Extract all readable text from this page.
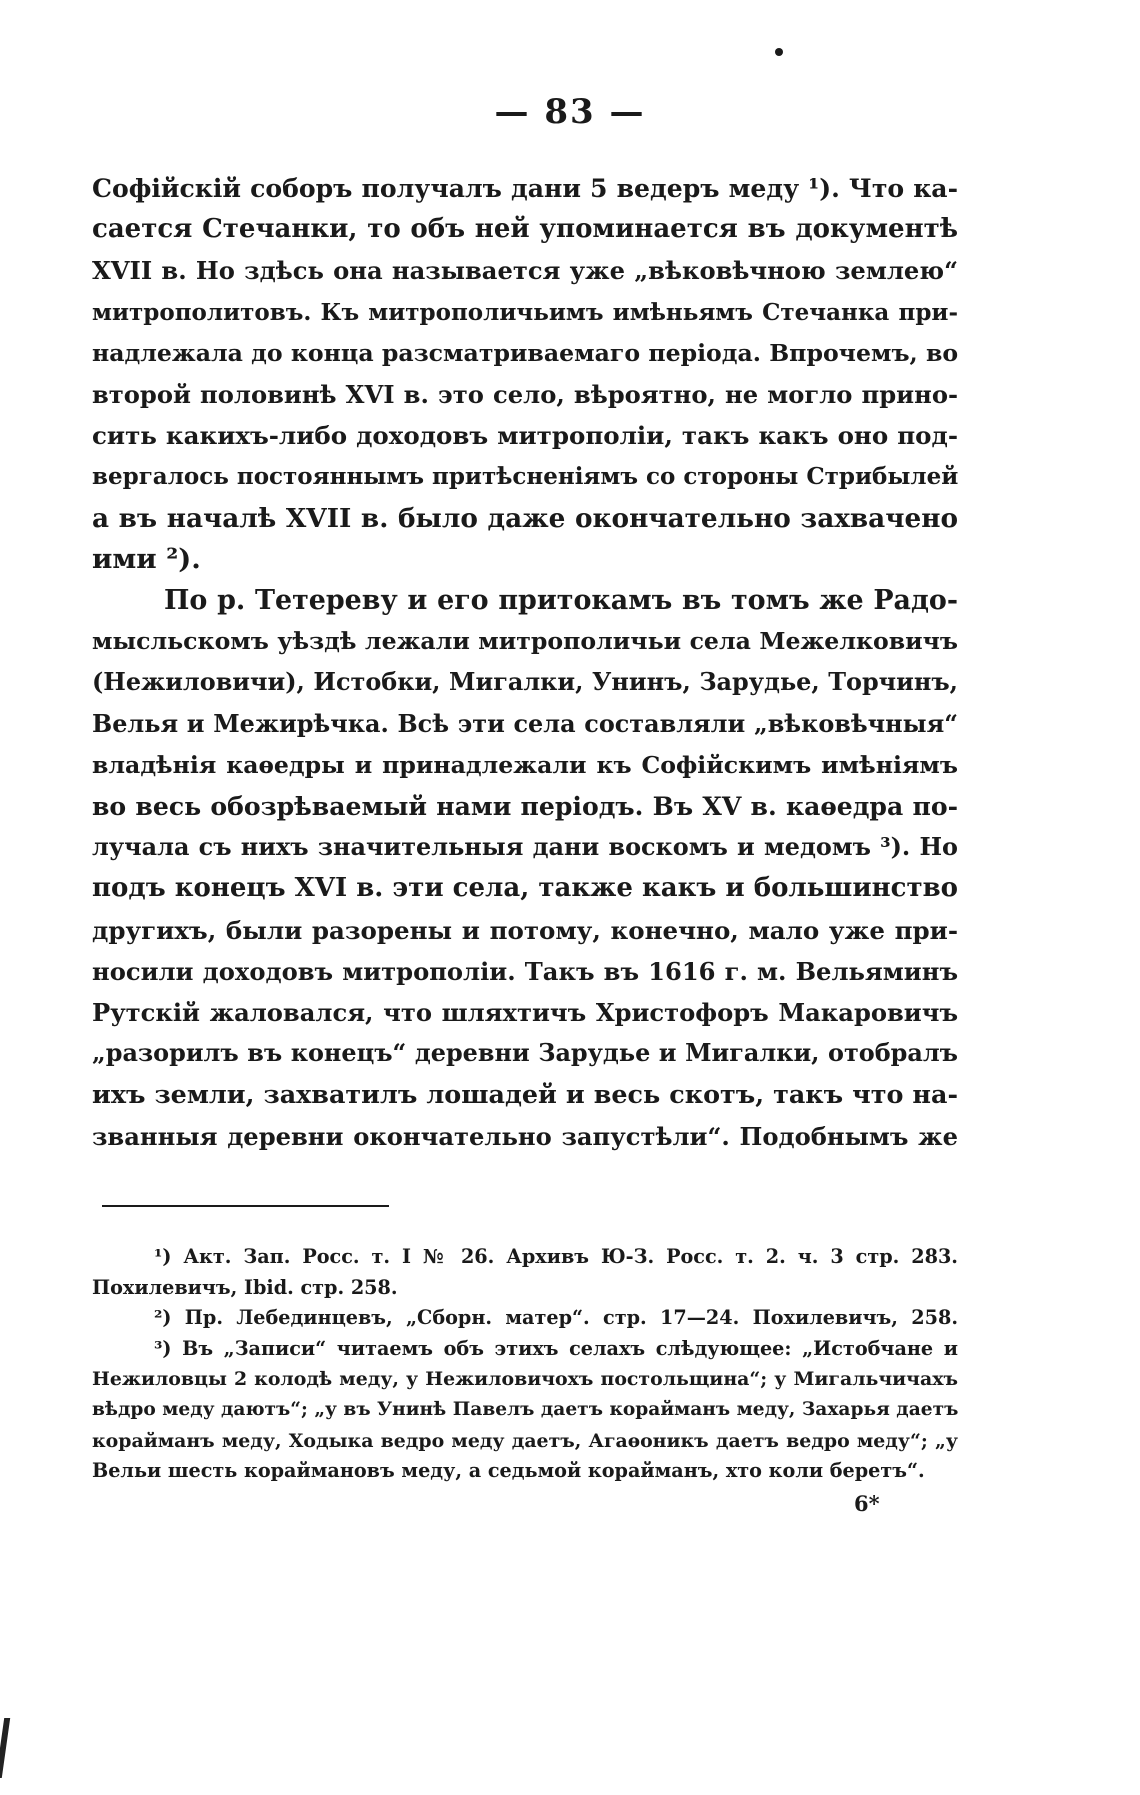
— 83 —
Софійскій соборъ получалъ дани 5 ведеръ меду ¹). Что ка-
сается Стечанки, то объ ней упоминается въ документѣ
XVII в. Но здѣсь она называется уже „вѣковѣчною землею“
митрополитовъ. Къ митрополичьимъ имѣньямъ Стечанка при-
надлежала до конца разсматриваемаго періода. Впрочемъ, во
второй половинѣ XVI в. это село, вѣроятно, не могло прино-
сить какихъ-либо доходовъ митрополіи, такъ какъ оно под-
вергалось постояннымъ притѣсненіямъ со стороны Стрибылей
а въ началѣ XVII в. было даже окончательно захвачено
ими ²).
По р. Тетереву и его притокамъ въ томъ же Радо-
мысльскомъ уѣздѣ лежали митрополичьи села Межелковичъ
(Нежиловичи), Истобки, Мигалки, Унинъ, Зарудье, Торчинъ,
Велья и Межирѣчка. Всѣ эти села составляли „вѣковѣчныя“
владѣнія каѳедры и принадлежали къ Софійскимъ имѣніямъ
во весь обозрѣваемый нами періодъ. Въ XV в. каѳедра по-
лучала съ нихъ значительныя дани воскомъ и медомъ ³). Но
подъ конецъ XVI в. эти села, также какъ и большинство
другихъ, были разорены и потому, конечно, мало уже при-
носили доходовъ митрополіи. Такъ въ 1616 г. м. Вельяминъ
Рутскій жаловался, что шляхтичъ Христофоръ Макаровичъ
„разорилъ въ конецъ“ деревни Зарудье и Мигалки, отобралъ
ихъ земли, захватилъ лошадей и весь скотъ, такъ что на-
званныя деревни окончательно запустѣли“. Подобнымъ же
¹) Акт. Зап. Росс. т. I № 26. Архивъ Ю-З. Росс. т. 2. ч. 3 стр. 283.
Похилевичъ, Ibid. стр. 258.
²) Пр. Лебединцевъ, „Сборн. матер“. стр. 17—24. Похилевичъ, 258.
³) Въ „Записи“ читаемъ объ этихъ селахъ слѣдующее: „Истобчане и
Нежиловцы 2 колодѣ меду, у Нежиловичохъ постольщина“; у Мигальчичахъ
вѣдро меду даютъ“; „у въ Унинѣ Павелъ даетъ корайманъ меду, Захарья даетъ
корайманъ меду, Ходыка ведро меду даетъ, Агаѳоникъ даетъ ведро меду“; „у
Вельи шесть кораймановъ меду, а седьмой корайманъ, хто коли беретъ“.
6*
